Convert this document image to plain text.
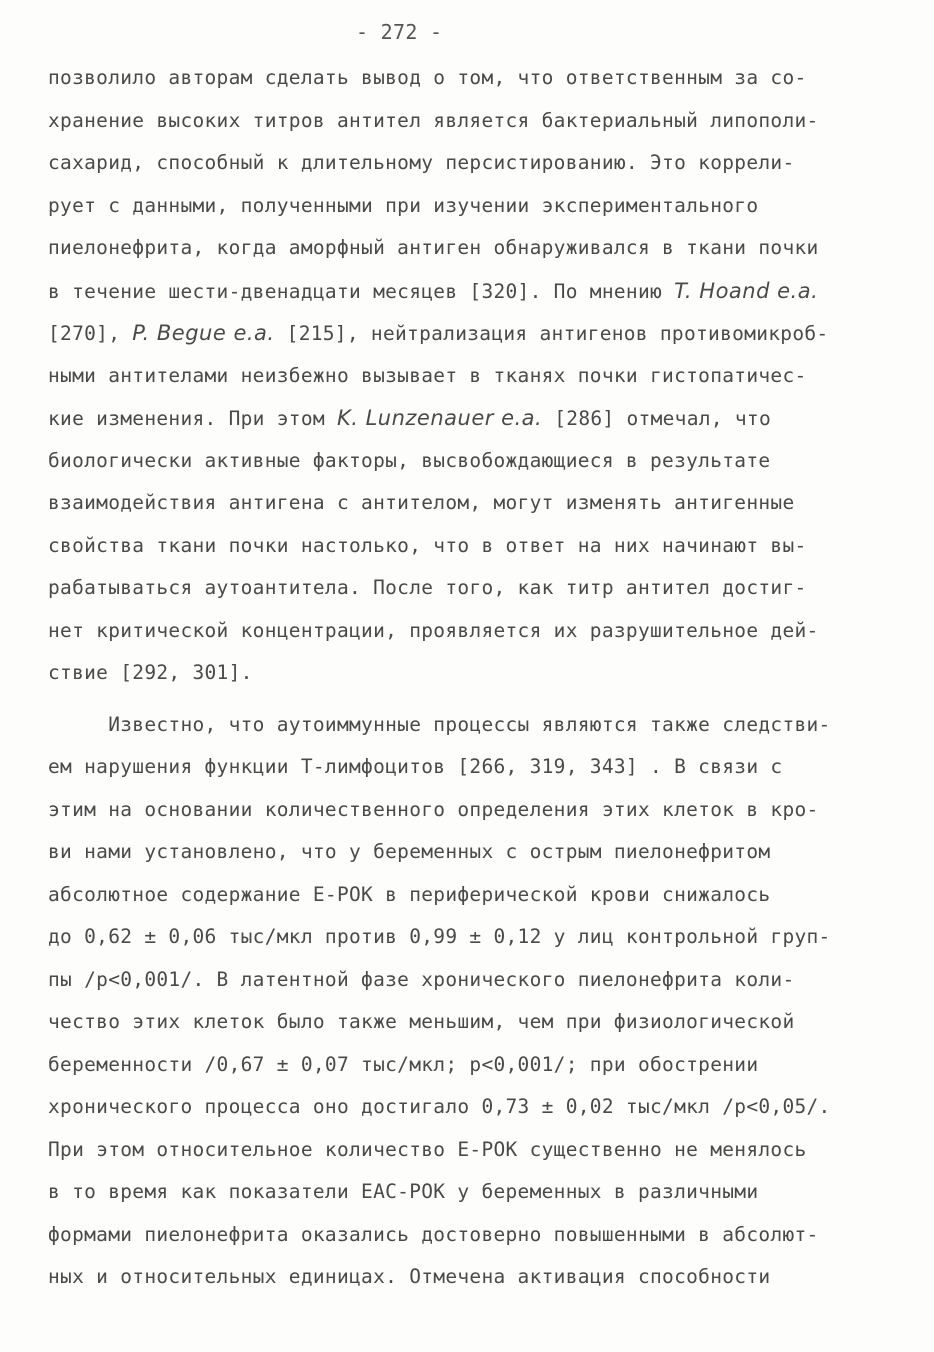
- 272 -
позволило авторам сделать вывод о том, что ответственным за со-
хранение высоких титров антител является бактериальный липополи-
сахарид, способный к длительному персистированию. Это коррели-
рует с данными, полученными при изучении экспериментального
пиелонефрита, когда аморфный антиген обнаруживался в ткани почки
в течение шести-двенадцати месяцев [320]. По мнению T. Hoand e.a.
[270], P. Begue e.a. [215], нейтрализация антигенов противомикроб-
ными антителами неизбежно вызывает в тканях почки гистопатичес-
кие изменения. При этом K. Lunzenauer e.a. [286] отмечал, что
биологически активные факторы, высвобождающиеся в результате
взаимодействия антигена с антителом, могут изменять антигенные
свойства ткани почки настолько, что в ответ на них начинают вы-
рабатываться аутоантитела. После того, как титр антител достиг-
нет критической концентрации, проявляется их разрушительное дей-
ствие [292, 301].
Известно, что аутоиммунные процессы являются также следстви-
ем нарушения функции Т-лимфоцитов [266, 319, 343] . В связи с
этим на основании количественного определения этих клеток в кро-
ви нами установлено, что у беременных с острым пиелонефритом
абсолютное содержание Е-РОК в периферической крови снижалось
до 0,62 ± 0,06 тыс/мкл против 0,99 ± 0,12 у лиц контрольной груп-
пы /р<0,001/. В латентной фазе хронического пиелонефрита коли-
чество этих клеток было также меньшим, чем при физиологической
беременности /0,67 ± 0,07 тыс/мкл; р<0,001/; при обострении
хронического процесса оно достигало 0,73 ± 0,02 тыс/мкл /р<0,05/.
При этом относительное количество Е-РОК существенно не менялось
в то время как показатели ЕАС-РОК у беременных в различными
формами пиелонефрита оказались достоверно повышенными в абсолют-
ных и относительных единицах. Отмечена активация способности
